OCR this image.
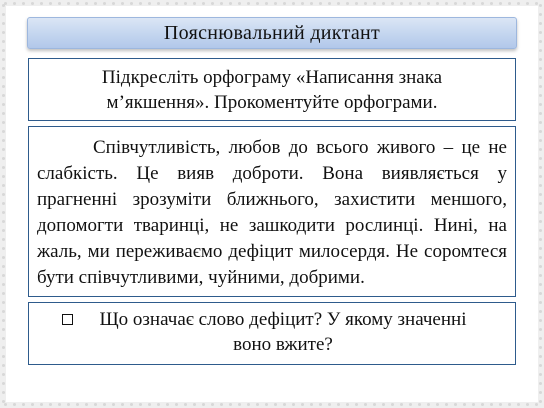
Пояснювальний диктант
Підкресліть орфограму «Написання знака
м’якшення». Прокоментуйте орфограми.

Співчутливість, любов до всього живого – це не слабкість. Це вияв доброти. Вона виявляється у прагненні зрозуміти ближнього, захистити меншого, допомогти тваринці, не зашкодити рослинці. Нині, на жаль, ми переживаємо дефіцит милосердя. Не соромтеся бути співчутливими, чуйними, добрими.

Що означає слово дефіцит? У якому значенні

воно вжите?
